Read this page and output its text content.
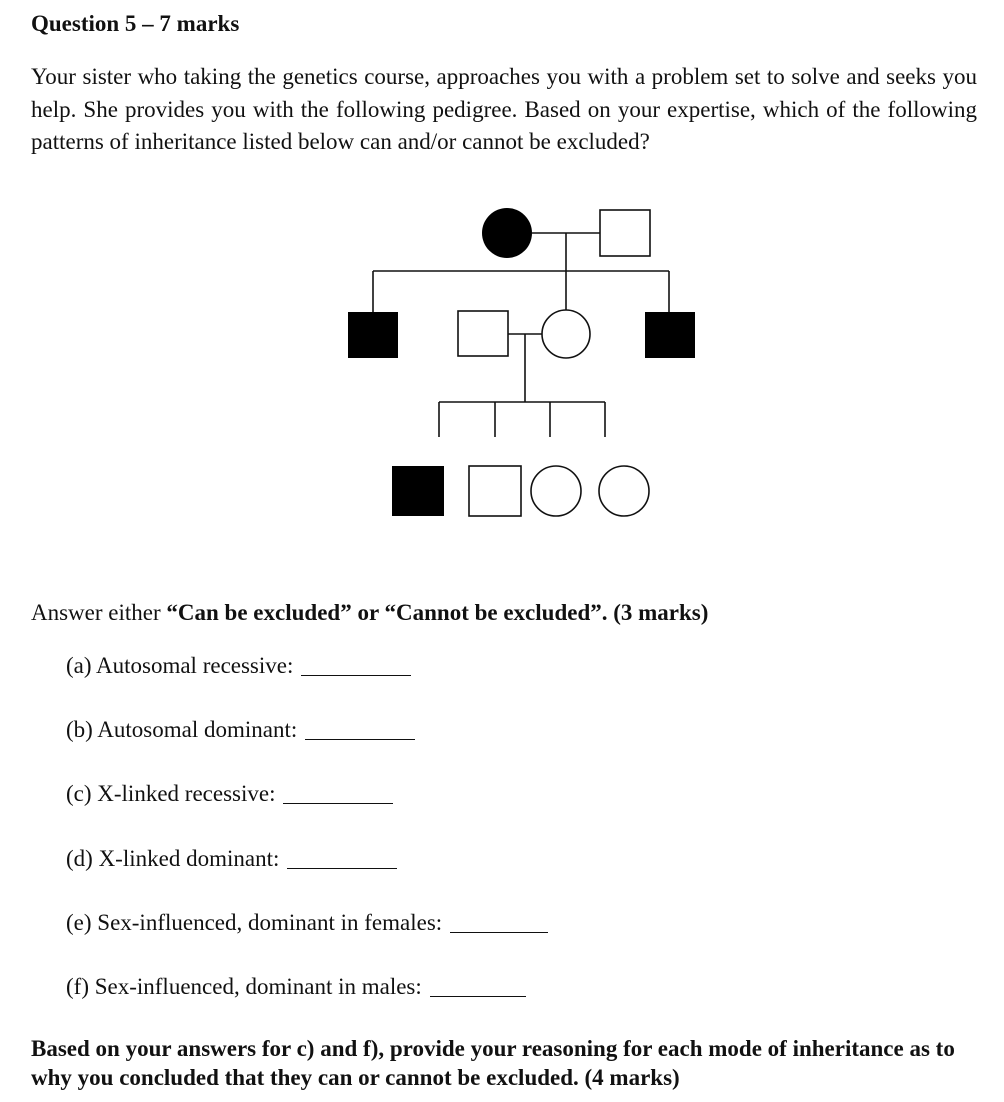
Question 5 – 7 marks
Your sister who taking the genetics course, approaches you with a problem set to solve and seeks you help. She provides you with the following pedigree. Based on your expertise, which of the following patterns of inheritance listed below can and/or cannot be excluded?
Answer either “Can be excluded” or “Cannot be excluded”. (3 marks)
(a) Autosomal recessive:
(b) Autosomal dominant:
(c) X-linked recessive:
(d) X-linked dominant:
(e) Sex-influenced, dominant in females:
(f) Sex-influenced, dominant in males:
Based on your answers for c) and f), provide your reasoning for each mode of inheritance as to why you concluded that they can or cannot be excluded. (4 marks)
